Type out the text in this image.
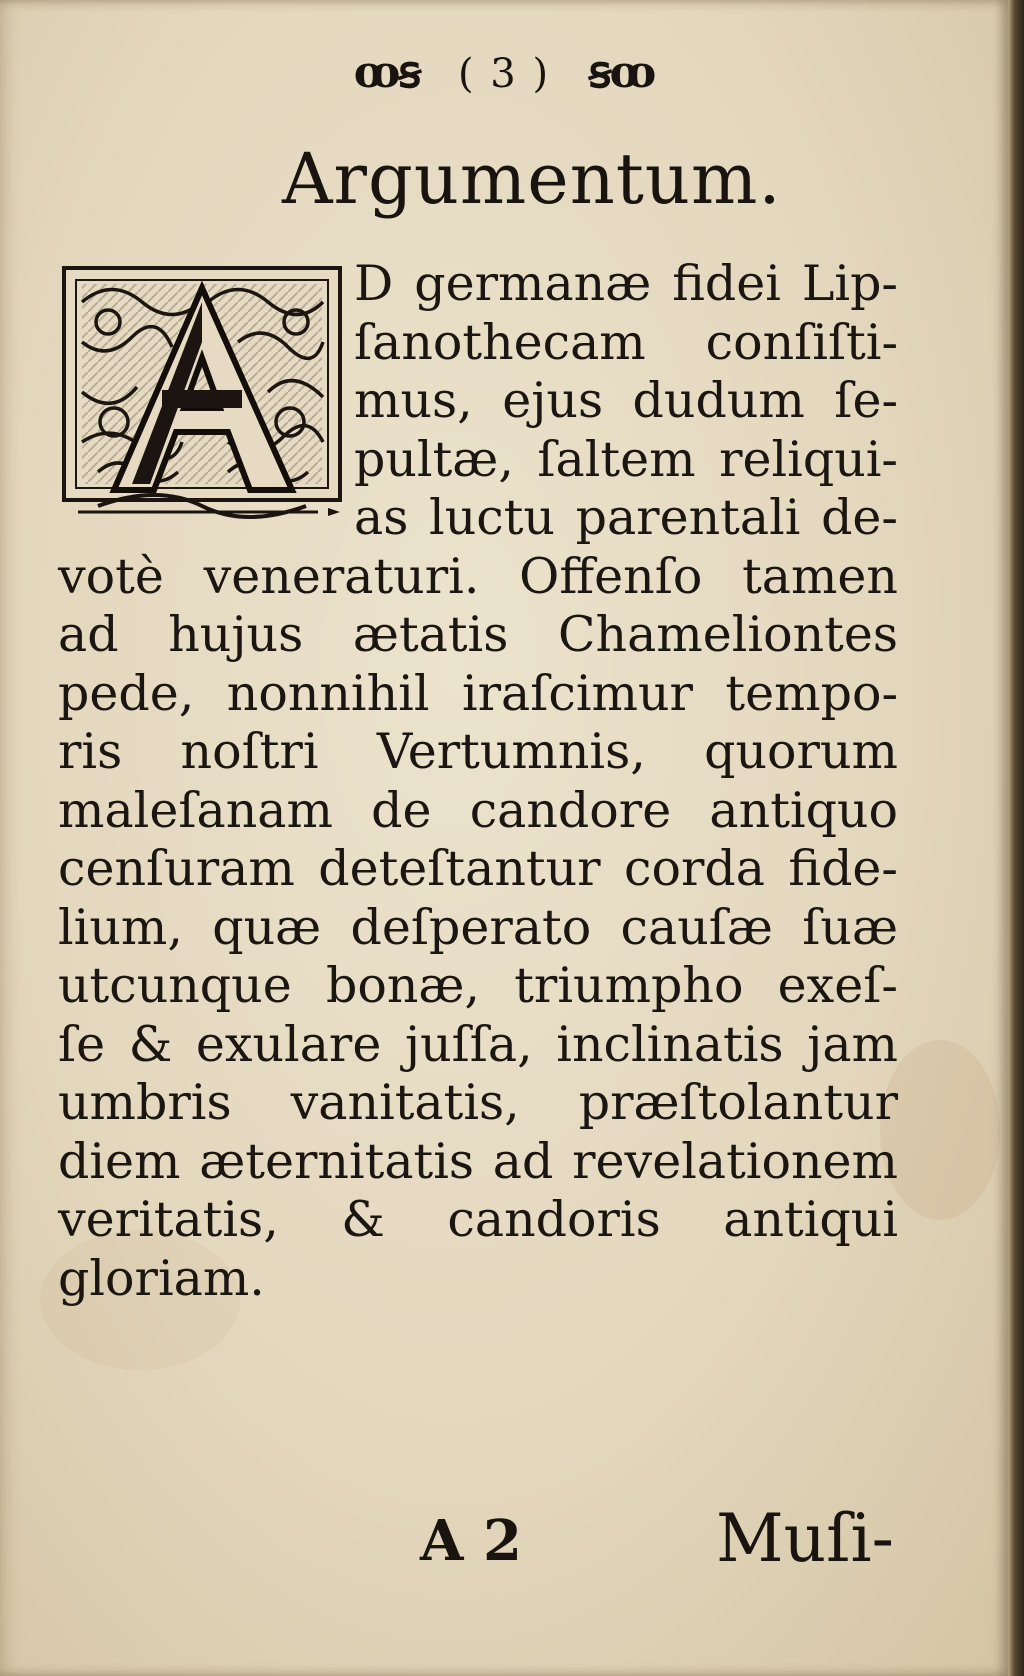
ꝏꞩ ( 3 ) ꞩꝏ
Argumentum.
D germanæ fidei Lip-
ſanothecam conſiſti-
mus, ejus dudum ſe-
pultæ, ſaltem reliqui-
as luctu parentali de-
votè veneraturi. Offenſo tamen
ad hujus ætatis Chameliontes
pede, nonnihil iraſcimur tempo-
ris noſtri Vertumnis, quorum
maleſanam de candore antiquo
cenſuram deteſtantur corda fide-
lium, quæ deſperato cauſæ ſuæ
utcunque bonæ, triumpho exeſ-
ſe & exulare juſſa, inclinatis jam
umbris vanitatis, præſtolantur
diem æternitatis ad revelationem
veritatis, & candoris antiqui
gloriam.
A 2	Muſi-
